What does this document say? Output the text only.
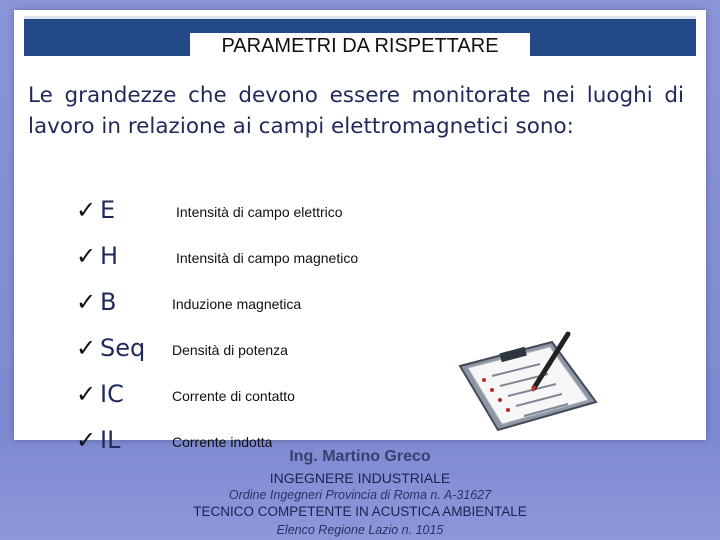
PARAMETRI DA RISPETTARE
Le grandezze che devono essere monitorate nei luoghi di lavoro in relazione ai campi elettromagnetici sono:
✓ E	Intensità di campo elettrico
✓ H	Intensità di campo magnetico
✓ B	Induzione magnetica
✓ Seq Densità di potenza
✓ IC	Corrente di contatto
✓ IL	Corrente indotta
Ing. Martino Greco
INGEGNERE INDUSTRIALE
Ordine Ingegneri Provincia di Roma n. A-31627
TECNICO COMPETENTE IN ACUSTICA AMBIENTALE
Elenco Regione Lazio n. 1015
